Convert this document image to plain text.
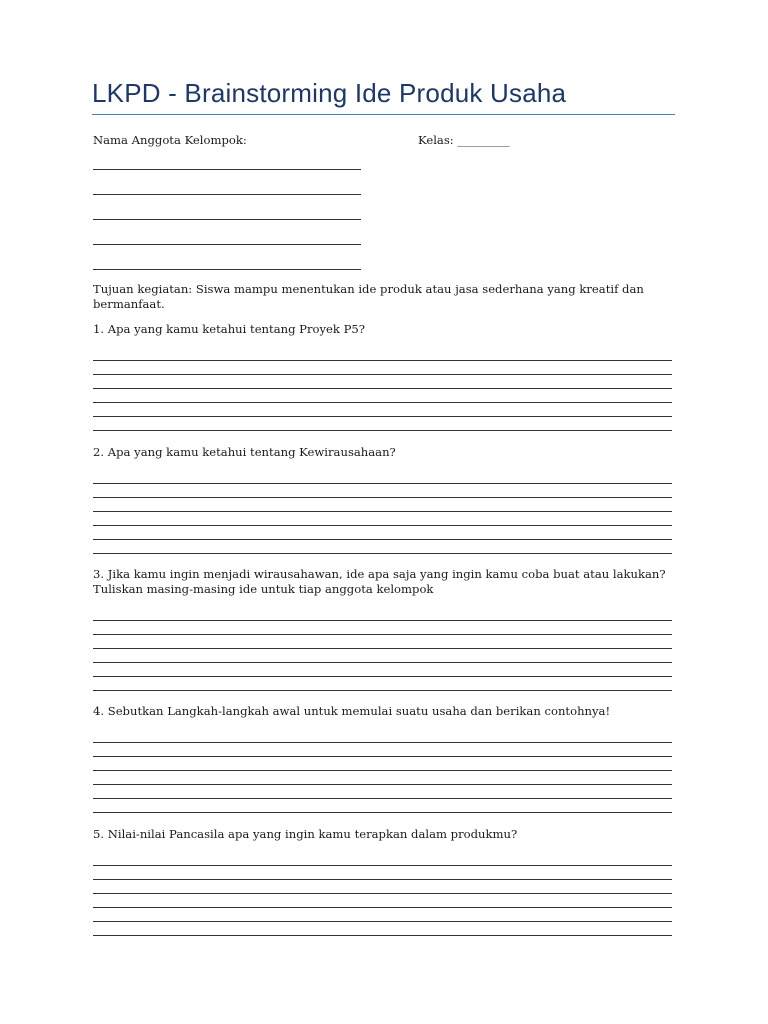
LKPD - Brainstorming Ide Produk Usaha
Nama Anggota Kelompok:	Kelas: _________
Tujuan kegiatan: Siswa mampu menentukan ide produk atau jasa sederhana yang kreatif dan
bermanfaat.
1. Apa yang kamu ketahui tentang Proyek P5?
2. Apa yang kamu ketahui tentang Kewirausahaan?
3. Jika kamu ingin menjadi wirausahawan, ide apa saja yang ingin kamu coba buat atau lakukan?
Tuliskan masing-masing ide untuk tiap anggota kelompok
4. Sebutkan Langkah-langkah awal untuk memulai suatu usaha dan berikan contohnya!
5. Nilai-nilai Pancasila apa yang ingin kamu terapkan dalam produkmu?
